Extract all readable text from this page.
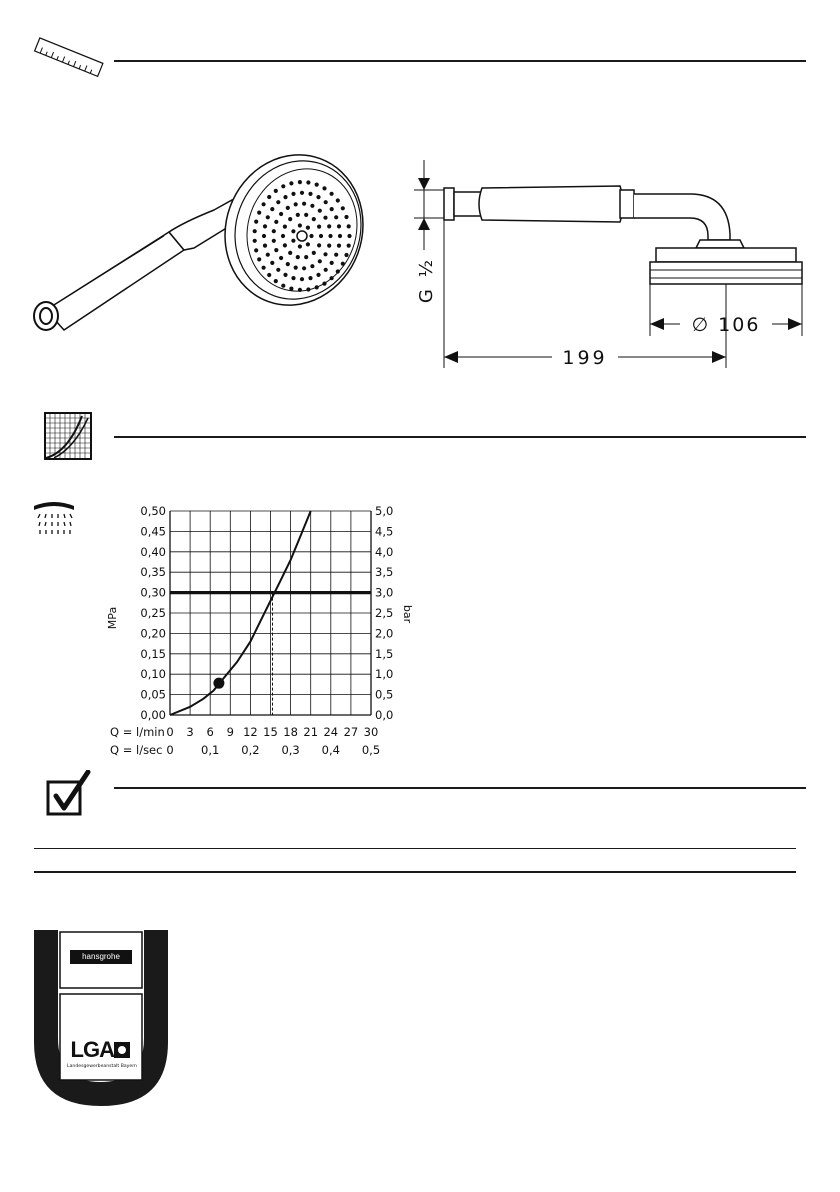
∅ 106
199
G ½
0,50
0,45
0,40
0,35
0,30
0,25
0,20
0,15
0,10
0,05
0,00
5,0
4,5
4,0
3,5
3,0
2,5
2,0
1,5
1,0
0,5
0,0
0 3 6 9 12 15 18 21 24 27 30
0 0,1 0,2 0,3 0,4 0,5
MPa	bar
Q = l/min
Q = l/sec
hansgrohe
LGA
Landesgewerbeanstalt Bayern
